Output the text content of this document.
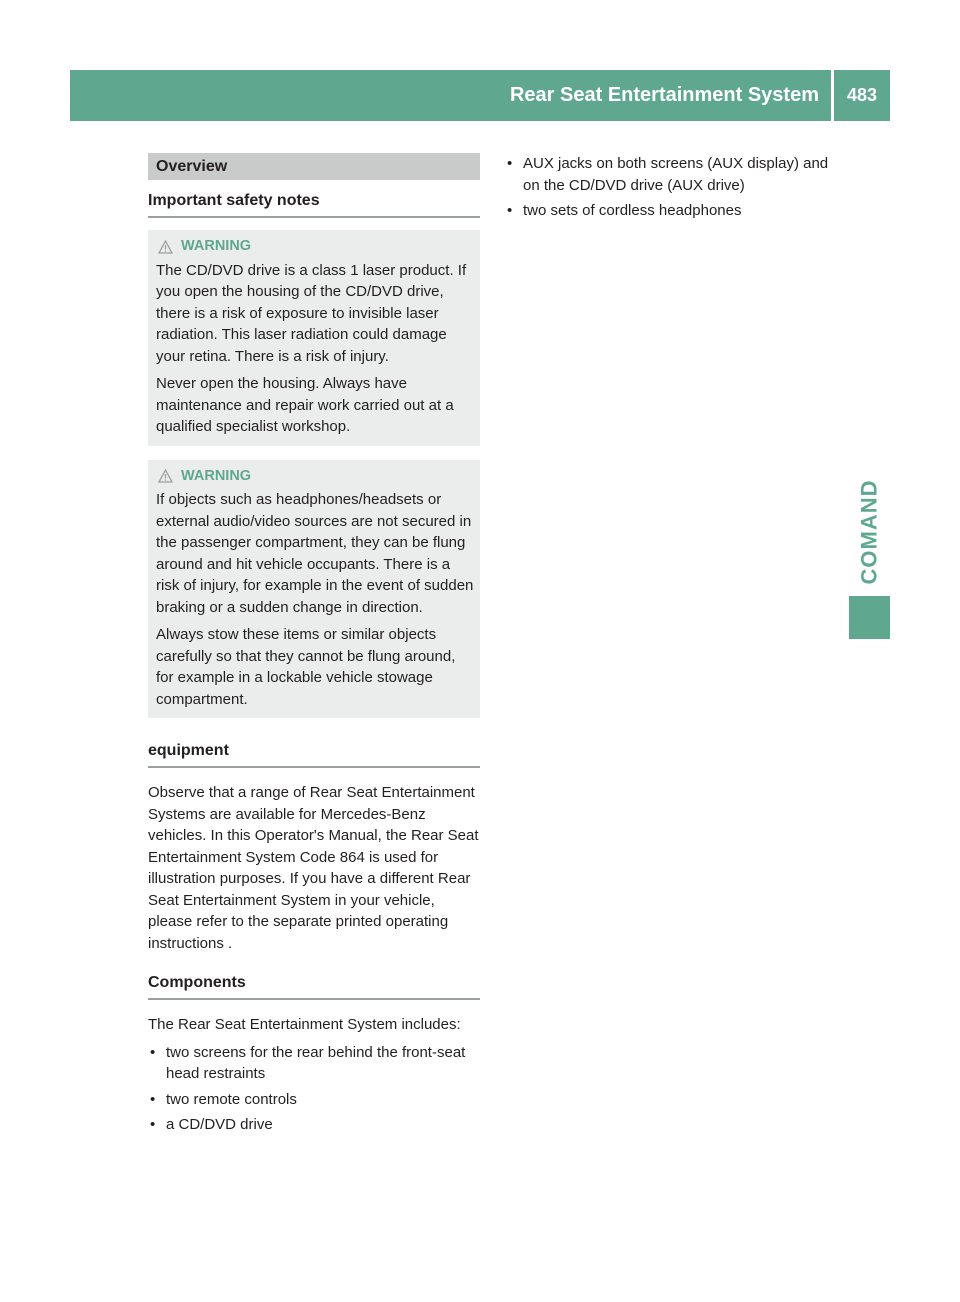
Rear Seat Entertainment System	483
COMAND
Overview
Important safety notes
WARNING

The CD/DVD drive is a class 1 laser product. If you open the housing of the CD/DVD drive, there is a risk of exposure to invisible laser radiation. This laser radiation could damage your retina. There is a risk of injury.

Never open the housing. Always have maintenance and repair work carried out at a qualified specialist workshop.

WARNING

If objects such as headphones/headsets or external audio/video sources are not secured in the passenger compartment, they can be flung around and hit vehicle occupants. There is a risk of injury, for example in the event of sudden braking or a sudden change in direction.

Always stow these items or similar objects carefully so that they cannot be flung around, for example in a lockable vehicle stowage compartment.

equipment

Observe that a range of Rear Seat Entertainment Systems are available for Mercedes-Benz vehicles. In this Operator's Manual, the Rear Seat Entertainment System Code 864 is used for illustration purposes. If you have a different Rear Seat Entertainment System in your vehicle, please refer to the separate printed operating instructions .

Components

The Rear Seat Entertainment System includes:

• two screens for the rear behind the front-seat head restraints
• two remote controls
• a CD/DVD drive
• AUX jacks on both screens (AUX display) and on the CD/DVD drive (AUX drive)
• two sets of cordless headphones
